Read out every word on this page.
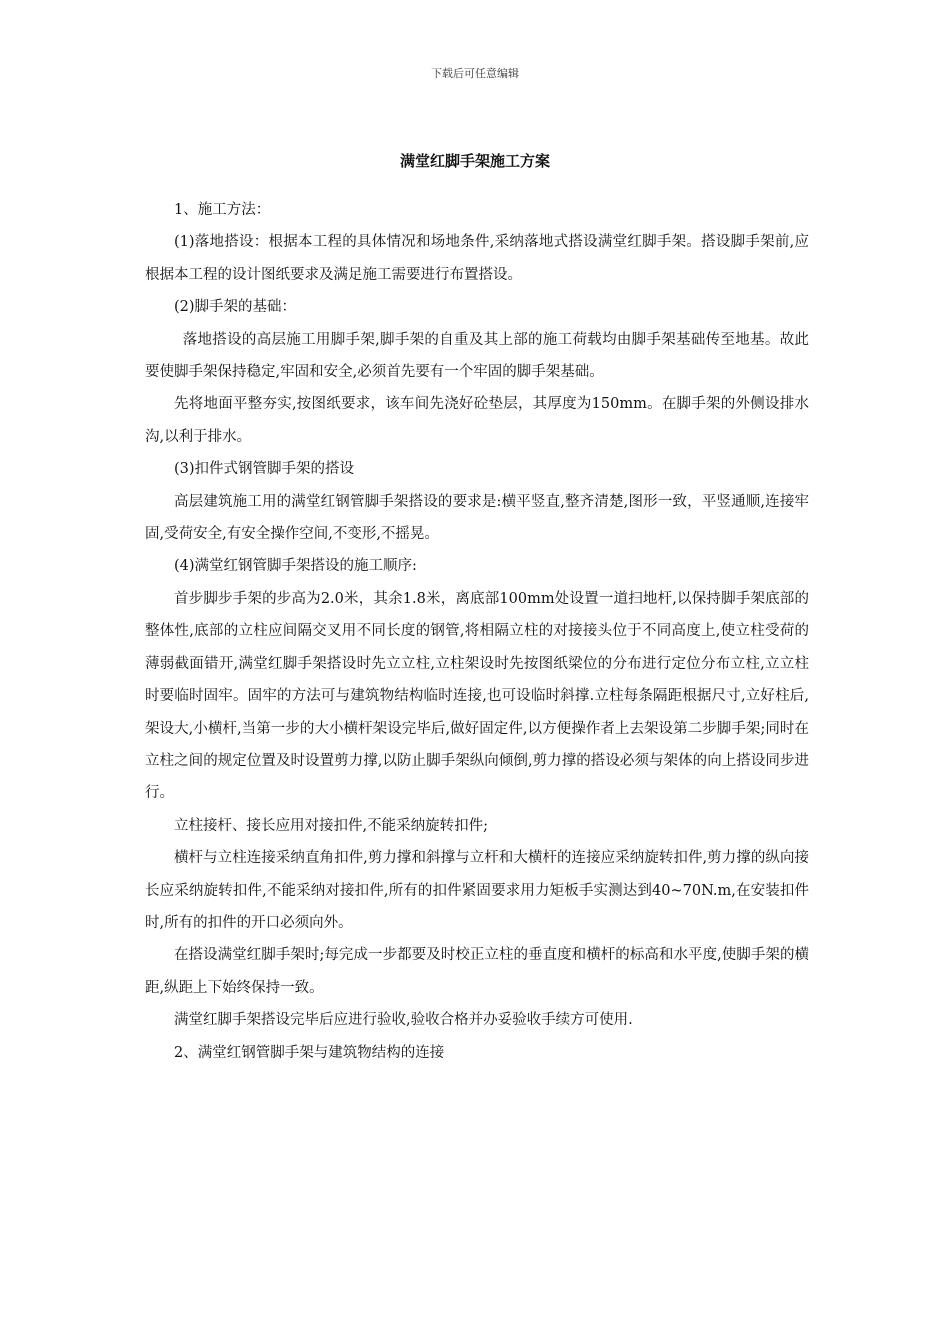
下载后可任意编辑
满堂红脚手架施工方案

1、施工方法：

(1)落地搭设：根据本工程的具体情况和场地条件,采纳落地式搭设满堂红脚手架。搭设脚手架前,应根据本工程的设计图纸要求及满足施工需要进行布置搭设。

(2)脚手架的基础：

落地搭设的高层施工用脚手架,脚手架的自重及其上部的施工荷载均由脚手架基础传至地基。故此要使脚手架保持稳定,牢固和安全,必须首先要有一个牢固的脚手架基础。

先将地面平整夯实,按图纸要求，该车间先浇好砼垫层，其厚度为150mm。在脚手架的外侧设排水沟,以利于排水。

(3)扣件式钢管脚手架的搭设

高层建筑施工用的满堂红钢管脚手架搭设的要求是:横平竖直,整齐清楚,图形一致，平竖通顺,连接牢固,受荷安全,有安全操作空间,不变形,不摇晃。

(4)满堂红钢管脚手架搭设的施工顺序:

首步脚步手架的步高为2.0米，其余1.8米，离底部100mm处设置一道扫地杆,以保持脚手架底部的整体性,底部的立柱应间隔交叉用不同长度的钢管,将相隔立柱的对接接头位于不同高度上,使立柱受荷的薄弱截面错开,满堂红脚手架搭设时先立立柱,立柱架设时先按图纸梁位的分布进行定位分布立柱,立立柱时要临时固牢。固牢的方法可与建筑物结构临时连接,也可设临时斜撑.立柱每条隔距根据尺寸,立好柱后,架设大,小横杆,当第一步的大小横杆架设完毕后,做好固定件,以方便操作者上去架设第二步脚手架;同时在立柱之间的规定位置及时设置剪力撑,以防止脚手架纵向倾倒,剪力撑的搭设必须与架体的向上搭设同步进行。

立柱接杆、接长应用对接扣件,不能采纳旋转扣件;

横杆与立柱连接采纳直角扣件,剪力撑和斜撑与立杆和大横杆的连接应采纳旋转扣件,剪力撑的纵向接长应采纳旋转扣件,不能采纳对接扣件,所有的扣件紧固要求用力矩板手实测达到40~70N.m,在安装扣件时,所有的扣件的开口必须向外。

在搭设满堂红脚手架时;每完成一步都要及时校正立柱的垂直度和横杆的标高和水平度,使脚手架的横距,纵距上下始终保持一致。

满堂红脚手架搭设完毕后应进行验收,验收合格并办妥验收手续方可使用.

2、满堂红钢管脚手架与建筑物结构的连接
